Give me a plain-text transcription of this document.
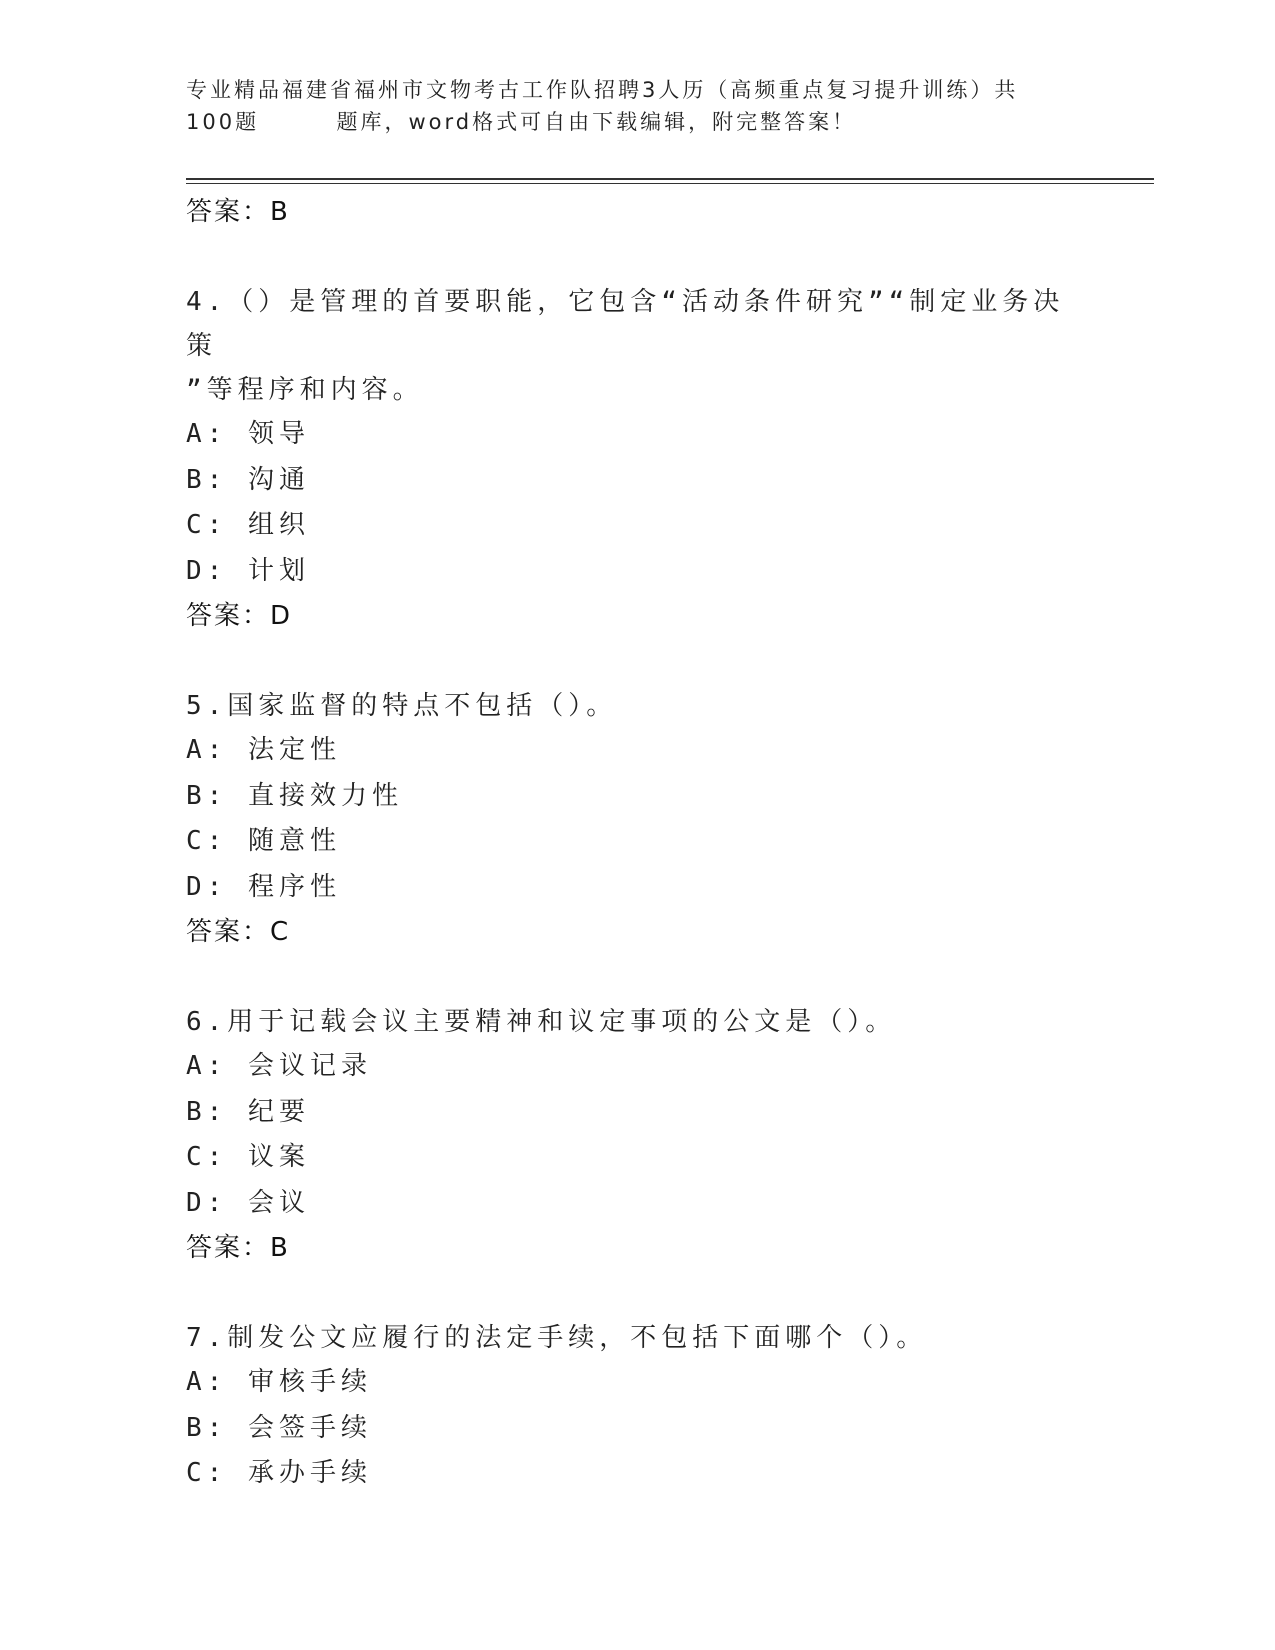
专业精品福建省福州市文物考古工作队招聘3人历（高频重点复习提升训练）共
100题        题库，word格式可自由下载编辑，附完整答案！
答案：B
4.（）是管理的首要职能，它包含“活动条件研究”“制定业务决策
”等程序和内容。
A: 领导
B: 沟通
C: 组织
D: 计划
答案：D
5.国家监督的特点不包括（）。
A: 法定性
B: 直接效力性
C: 随意性
D: 程序性
答案：C
6.用于记载会议主要精神和议定事项的公文是（）。
A: 会议记录
B: 纪要
C: 议案
D: 会议
答案：B
7.制发公文应履行的法定手续，不包括下面哪个（）。
A: 审核手续
B: 会签手续
C: 承办手续
